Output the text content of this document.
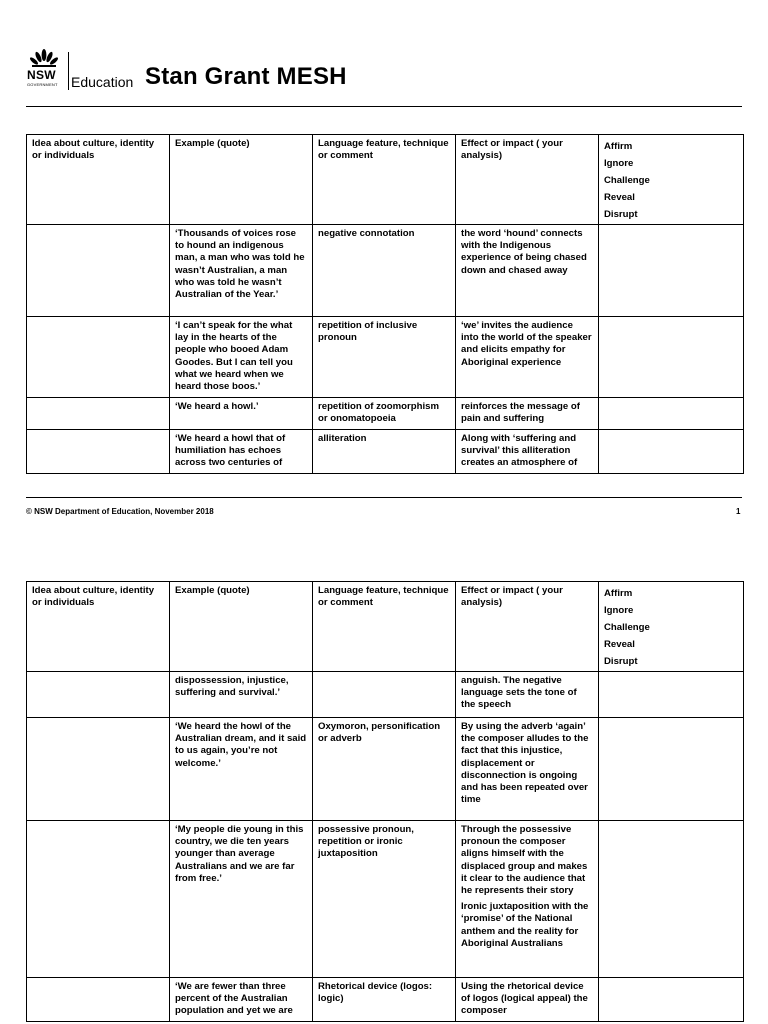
NSW
GOVERNMENT Education Stan Grant MESH
Idea about culture, identity or individuals	Example (quote)	Language feature, technique or comment	Effect or impact ( your analysis)	Affirm
Ignore
Challenge
Reveal
Disrupt

	‘Thousands of voices rose to hound an indigenous man, a man who was told he wasn’t Australian, a man who was told he wasn’t Australian of the Year.’	negative connotation	the word ‘hound’ connects with the Indigenous experience of being chased down and chased away	
	‘I can’t speak for the what lay in the hearts of the people who booed Adam Goodes. But I can tell you what we heard when we heard those boos.’	repetition of inclusive pronoun	‘we’ invites the audience into the world of the speaker and elicits empathy for Aboriginal experience	
	‘We heard a howl.’	repetition of zoomorphism or onomatopoeia	reinforces the message of pain and suffering	
	‘We heard a howl that of humiliation has echoes across two centuries of	alliteration	Along with ‘suffering and survival’ this alliteration creates an atmosphere of	
© NSW Department of Education, November 2018	1
Idea about culture, identity or individuals	Example (quote)	Language feature, technique or comment	Effect or impact ( your analysis)	Affirm
Ignore
Challenge
Reveal
Disrupt

	dispossession, injustice, suffering and survival.’		anguish. The negative language sets the tone of the speech	
	‘We heard the howl of the Australian dream, and it said to us again, you’re not welcome.’	Oxymoron, personification or adverb	By using the adverb ‘again’ the composer alludes to the fact that this injustice, displacement or disconnection is ongoing and has been repeated over time	
	‘My people die young in this country, we die ten years younger than average Australians and we are far from free.’	possessive pronoun, repetition or ironic juxtaposition	Through the possessive pronoun the composer aligns himself with the displaced group and makes it clear to the audience that he represents their story

Ironic juxtaposition with the ‘promise’ of the National anthem and the reality for Aboriginal Australians	

	‘We are fewer than three percent of the Australian population and yet we are	Rhetorical device (logos: logic)	Using the rhetorical device of logos (logical appeal) the composer	
